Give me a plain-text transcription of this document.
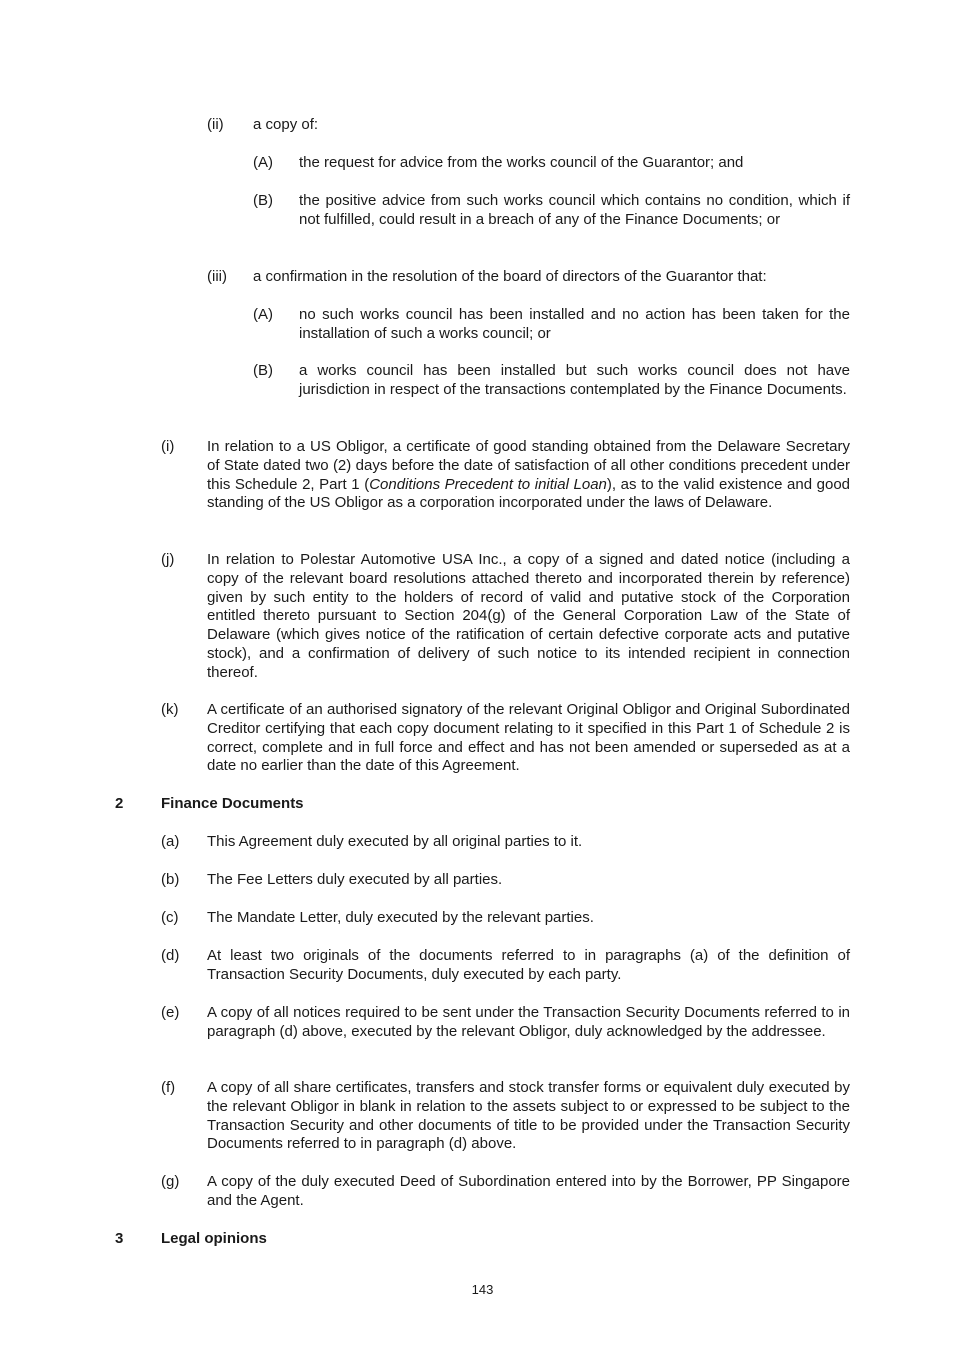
(ii) a copy of:
(A) the request for advice from the works council of the Guarantor; and
(B) the positive advice from such works council which contains no condition, which if not fulfilled, could result in a breach of any of the Finance Documents; or
(iii) a confirmation in the resolution of the board of directors of the Guarantor that:
(A) no such works council has been installed and no action has been taken for the installation of such a works council; or
(B) a works council has been installed but such works council does not have jurisdiction in respect of the transactions contemplated by the Finance Documents.
(i) In relation to a US Obligor, a certificate of good standing obtained from the Delaware Secretary of State dated two (2) days before the date of satisfaction of all other conditions precedent under this Schedule 2, Part 1 (Conditions Precedent to initial Loan), as to the valid existence and good standing of the US Obligor as a corporation incorporated under the laws of Delaware.
(j) In relation to Polestar Automotive USA Inc., a copy of a signed and dated notice (including a copy of the relevant board resolutions attached thereto and incorporated therein by reference) given by such entity to the holders of record of valid and putative stock of the Corporation entitled thereto pursuant to Section 204(g) of the General Corporation Law of the State of Delaware (which gives notice of the ratification of certain defective corporate acts and putative stock), and a confirmation of delivery of such notice to its intended recipient in connection thereof.
(k) A certificate of an authorised signatory of the relevant Original Obligor and Original Subordinated Creditor certifying that each copy document relating to it specified in this Part 1 of Schedule 2 is correct, complete and in full force and effect and has not been amended or superseded as at a date no earlier than the date of this Agreement.
2	Finance Documents
(a) This Agreement duly executed by all original parties to it.
(b) The Fee Letters duly executed by all parties.
(c) The Mandate Letter, duly executed by the relevant parties.
(d) At least two originals of the documents referred to in paragraphs (a) of the definition of Transaction Security Documents, duly executed by each party.
(e) A copy of all notices required to be sent under the Transaction Security Documents referred to in paragraph (d) above, executed by the relevant Obligor, duly acknowledged by the addressee.
(f) A copy of all share certificates, transfers and stock transfer forms or equivalent duly executed by the relevant Obligor in blank in relation to the assets subject to or expressed to be subject to the Transaction Security and other documents of title to be provided under the Transaction Security Documents referred to in paragraph (d) above.
(g) A copy of the duly executed Deed of Subordination entered into by the Borrower, PP Singapore and the Agent.
3	Legal opinions
143
